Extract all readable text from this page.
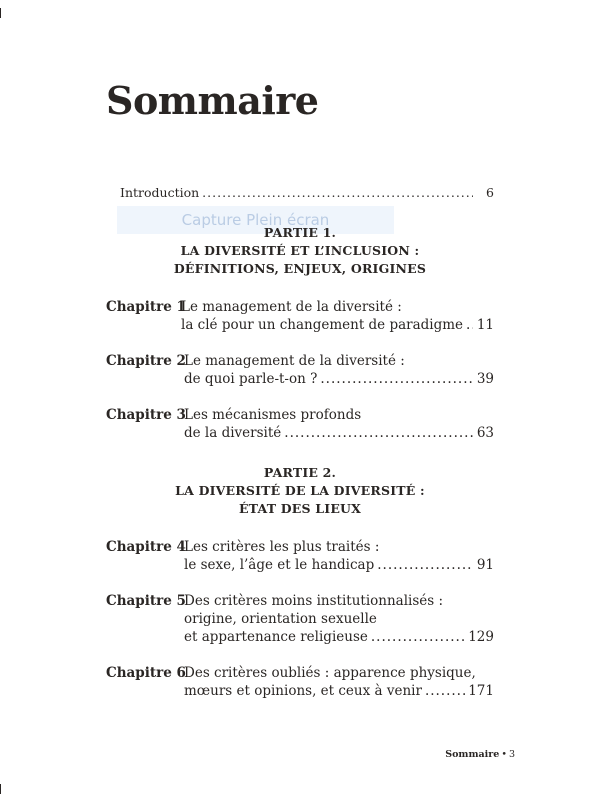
Sommaire
Introduction .....	6
Capture Plein écran
PARTIE 1.
LA DIVERSITÉ ET L’INCLUSION :
DÉFINITIONS, ENJEUX, ORIGINES
Chapitre 1
Le management de la diversité :
la clé pour un changement de paradigme ..... 11
Chapitre 2
Le management de la diversité :
de quoi parle-t-on ? .....	39
Chapitre 3
Les mécanismes profonds
de la diversité .....	63
PARTIE 2.
LA DIVERSITÉ DE LA DIVERSITÉ :
ÉTAT DES LIEUX
Chapitre 4
Les critères les plus traités :
le sexe, l’âge et le handicap .....	91
Chapitre 5
Des critères moins institutionnalisés :
origine, orientation sexuelle
et appartenance religieuse .....	129
Chapitre 6
Des critères oubliés : apparence physique,
mœurs et opinions, et ceux à venir .....	171
Sommaire • 3
